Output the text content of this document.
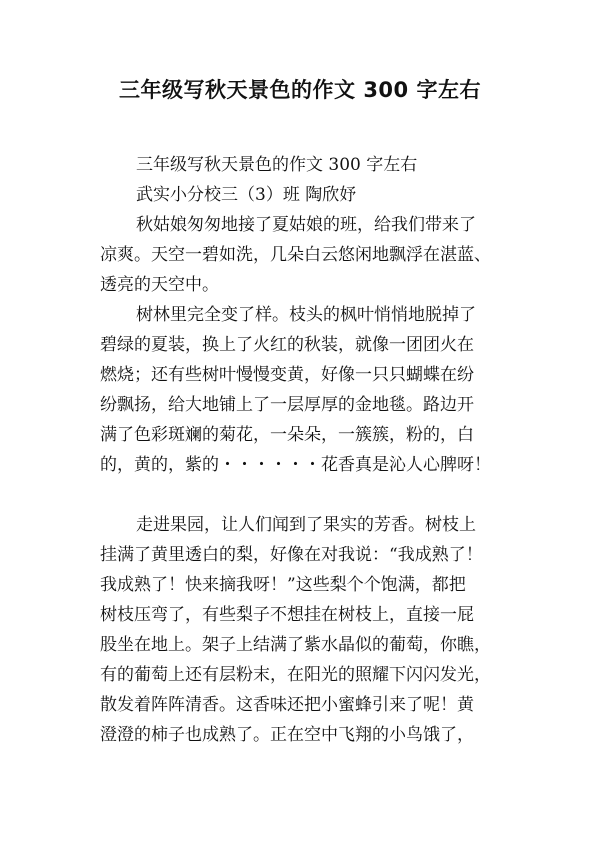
三年级写秋天景色的作文 300 字左右
三年级写秋天景色的作文 300 字左右
武实小分校三（3）班 陶欣妤
秋姑娘匆匆地接了夏姑娘的班，给我们带来了
凉爽。天空一碧如洗，几朵白云悠闲地飘浮在湛蓝、
透亮的天空中。
树林里完全变了样。枝头的枫叶悄悄地脱掉了
碧绿的夏装，换上了火红的秋装，就像一团团火在
燃烧；还有些树叶慢慢变黄，好像一只只蝴蝶在纷
纷飘扬，给大地铺上了一层厚厚的金地毯。路边开
满了色彩斑斓的菊花，一朵朵，一簇簇，粉的，白
的，黄的，紫的・・・・・・花香真是沁人心脾呀！
走进果园，让人们闻到了果实的芳香。树枝上
挂满了黄里透白的梨，好像在对我说：“我成熟了！
我成熟了！快来摘我呀！”这些梨个个饱满，都把
树枝压弯了，有些梨子不想挂在树枝上，直接一屁
股坐在地上。架子上结满了紫水晶似的葡萄，你瞧，
有的葡萄上还有层粉末，在阳光的照耀下闪闪发光，
散发着阵阵清香。这香味还把小蜜蜂引来了呢！黄
澄澄的柿子也成熟了。正在空中飞翔的小鸟饿了，
